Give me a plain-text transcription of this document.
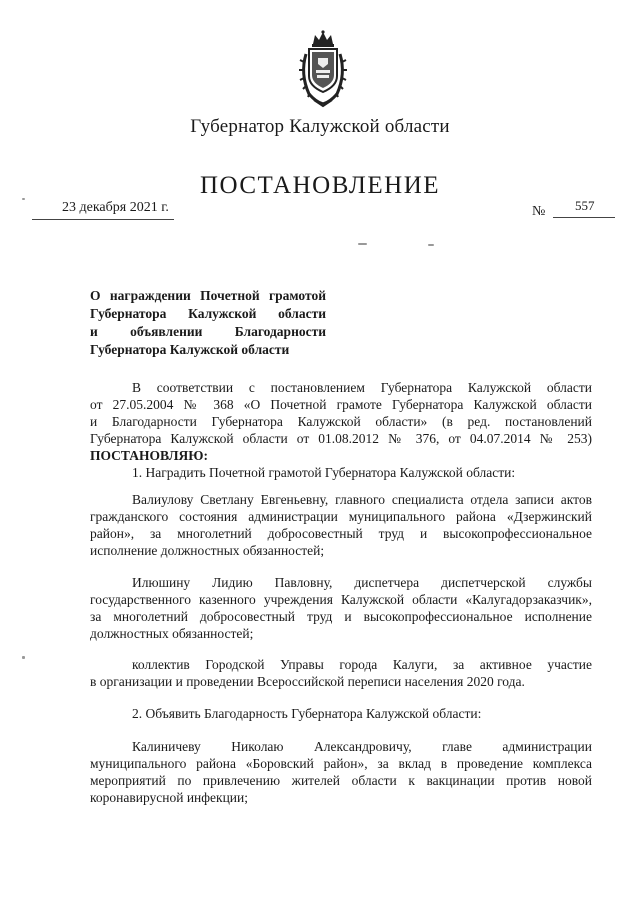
Губернатор Калужской области
ПОСТАНОВЛЕНИЕ
23 декабря 2021 г.	№ 557
О награждении Почетной грамотой
Губернатора Калужской области
и объявлении Благодарности
Губернатора Калужской области
В соответствии с постановлением Губернатора Калужской области
от 27.05.2004 № 368 «О Почетной грамоте Губернатора Калужской области
и Благодарности Губернатора Калужской области» (в ред. постановлений
Губернатора Калужской области от 01.08.2012 № 376, от 04.07.2014 № 253)
ПОСТАНОВЛЯЮ:
1. Наградить Почетной грамотой Губернатора Калужской области:
Валиулову Светлану Евгеньевну, главного специалиста отдела записи актов
гражданского состояния администрации муниципального района «Дзержинский
район», за многолетний добросовестный труд и высокопрофессиональное
исполнение должностных обязанностей;
Илюшину Лидию Павловну, диспетчера диспетчерской службы
государственного казенного учреждения Калужской области «Калугадорзаказчик»,
за многолетний добросовестный труд и высокопрофессиональное исполнение
должностных обязанностей;
коллектив Городской Управы города Калуги, за активное участие
в организации и проведении Всероссийской переписи населения 2020 года.
2. Объявить Благодарность Губернатора Калужской области:
Калиничеву Николаю Александровичу, главе администрации
муниципального района «Боровский район», за вклад в проведение комплекса
мероприятий по привлечению жителей области к вакцинации против новой
коронавирусной инфекции;
